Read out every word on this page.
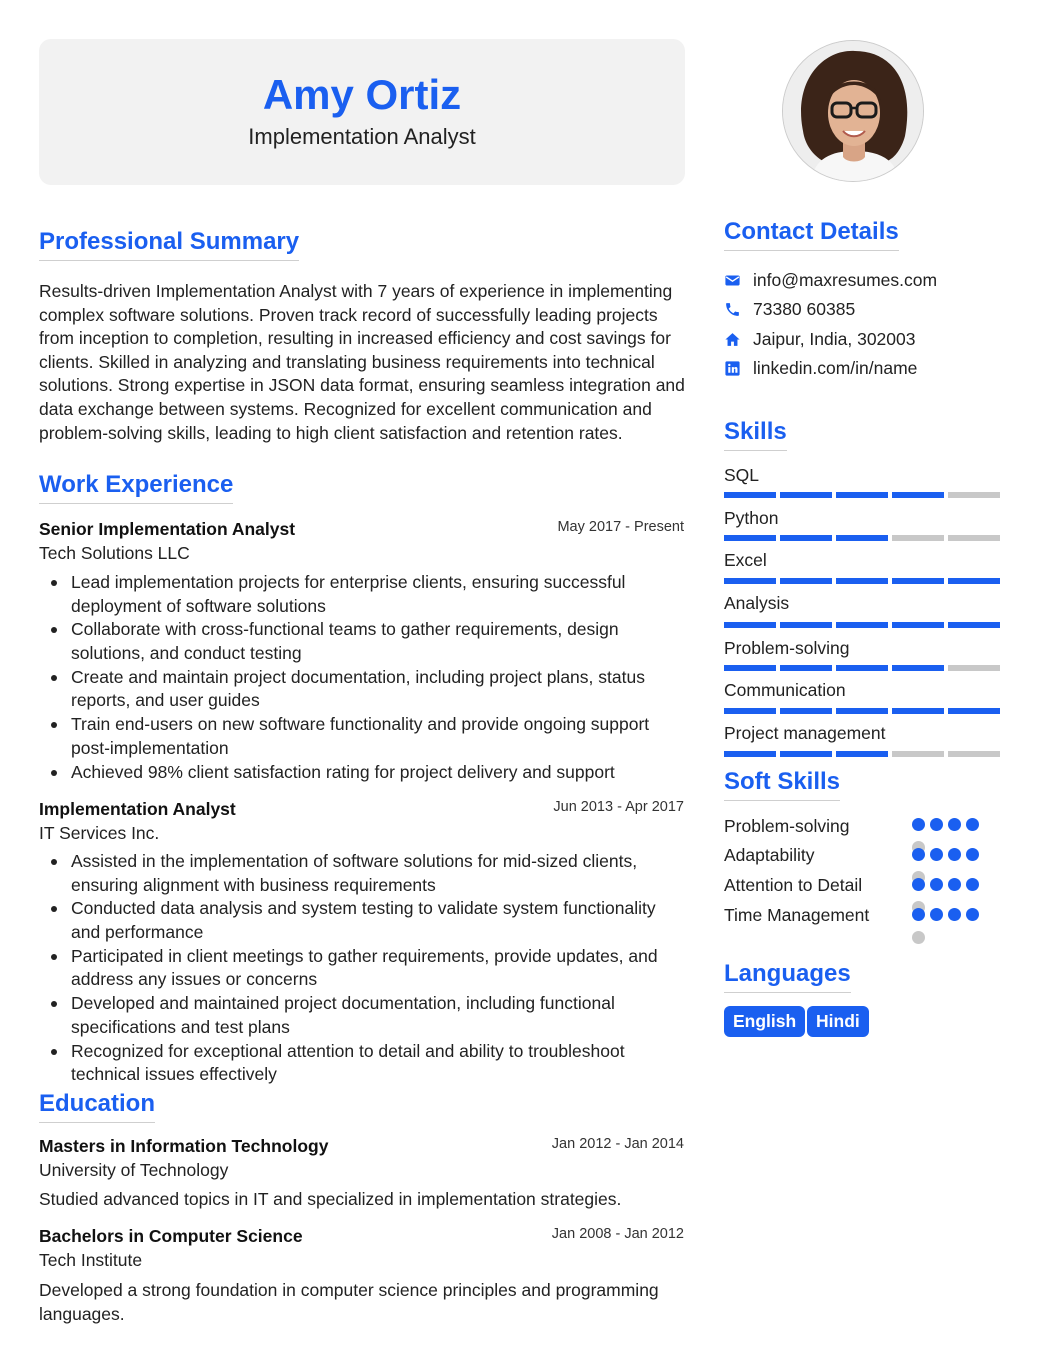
Amy Ortiz
Implementation Analyst
Professional Summary
Results-driven Implementation Analyst with 7 years of experience in implementing complex software solutions. Proven track record of successfully leading projects from inception to completion, resulting in increased efficiency and cost savings for clients. Skilled in analyzing and translating business requirements into technical solutions. Strong expertise in JSON data format, ensuring seamless integration and data exchange between systems. Recognized for excellent communication and problem-solving skills, leading to high client satisfaction and retention rates.
Work Experience
Senior Implementation Analyst	May 2017 - Present
Tech Solutions LLC
Lead implementation projects for enterprise clients, ensuring successful deployment of software solutions
Collaborate with cross-functional teams to gather requirements, design solutions, and conduct testing
Create and maintain project documentation, including project plans, status reports, and user guides
Train end-users on new software functionality and provide ongoing support post-implementation
Achieved 98% client satisfaction rating for project delivery and support
Implementation Analyst	Jun 2013 - Apr 2017
IT Services Inc.
Assisted in the implementation of software solutions for mid-sized clients, ensuring alignment with business requirements
Conducted data analysis and system testing to validate system functionality and performance
Participated in client meetings to gather requirements, provide updates, and address any issues or concerns
Developed and maintained project documentation, including functional specifications and test plans
Recognized for exceptional attention to detail and ability to troubleshoot technical issues effectively
Education
Masters in Information Technology	Jan 2012 - Jan 2014
University of Technology
Studied advanced topics in IT and specialized in implementation strategies.
Bachelors in Computer Science	Jan 2008 - Jan 2012
Tech Institute
Developed a strong foundation in computer science principles and programming languages.
Contact Details
info@maxresumes.com
73380 60385
Jaipur, India, 302003
linkedin.com/in/name
Skills
SQL
Python
Excel
Analysis
Problem-solving
Communication
Project management
Soft Skills
Problem-solving
Adaptability
Attention to Detail
Time Management
Languages
English	Hindi
